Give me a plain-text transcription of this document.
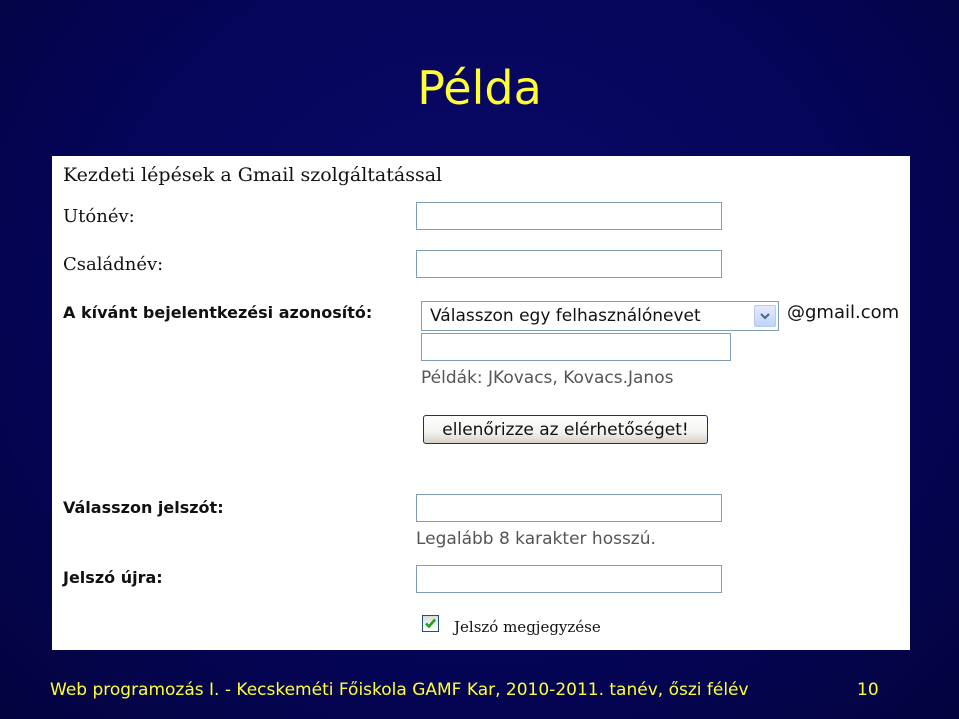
Példa
Kezdeti lépések a Gmail szolgáltatással
Utónév:
Családnév:
A kívánt bejelentkezési azonosító:	Válasszon egy felhasználónevet	@gmail.com
Példák: JKovacs, Kovacs.Janos
ellenőrizze az elérhetőséget!
Válasszon jelszót:
Legalább 8 karakter hosszú.
Jelszó újra:
Jelszó megjegyzése
Web programozás I. - Kecskeméti Főiskola GAMF Kar, 2010-2011. tanév, őszi félév	10
